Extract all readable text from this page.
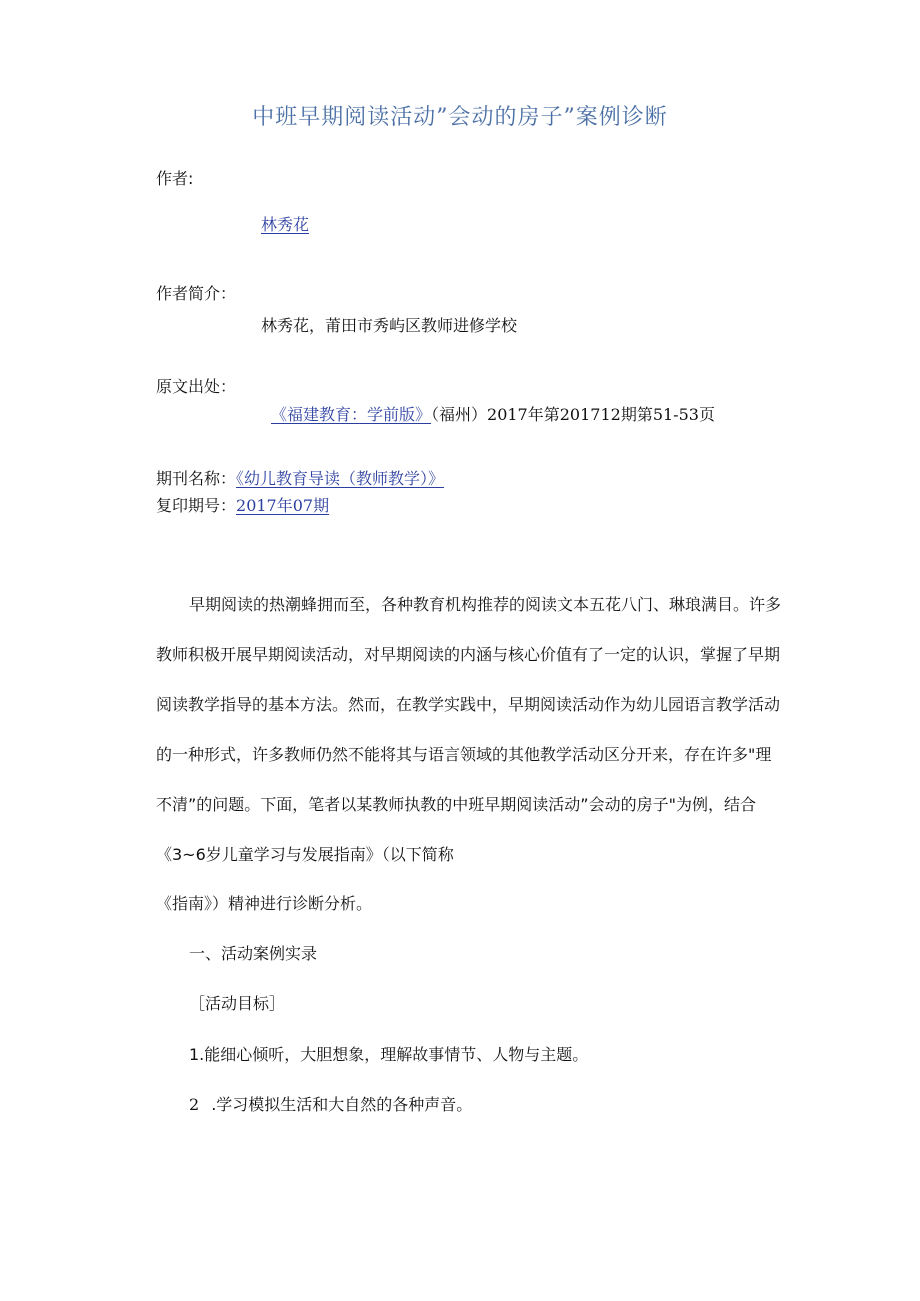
中班早期阅读活动”会动的房子”案例诊断
作者:
林秀花
作者简介：
林秀花，莆田市秀屿区教师进修学校
原文出处：
《福建教育：学前版》（福州）2017年第201712期第51-53页
期刊名称：《幼儿教育导读（教师教学）》
复印期号：2017年07期
早期阅读的热潮蜂拥而至，各种教育机构推荐的阅读文本五花八门、琳琅满目。许多
教师积极开展早期阅读活动，对早期阅读的内涵与核心价值有了一定的认识，掌握了早期
阅读教学指导的基本方法。然而，在教学实践中，早期阅读活动作为幼儿园语言教学活动
的一种形式，许多教师仍然不能将其与语言领域的其他教学活动区分开来，存在许多"理
不清”的问题。下面，笔者以某教师执教的中班早期阅读活动”会动的房子"为例，结合
《3~6岁儿童学习与发展指南》（以下简称
《指南》）精神进行诊断分析。
一、活动案例实录
［活动目标］
1.能细心倾听，大胆想象，理解故事情节、人物与主题。
2 .学习模拟生活和大自然的各种声音。
